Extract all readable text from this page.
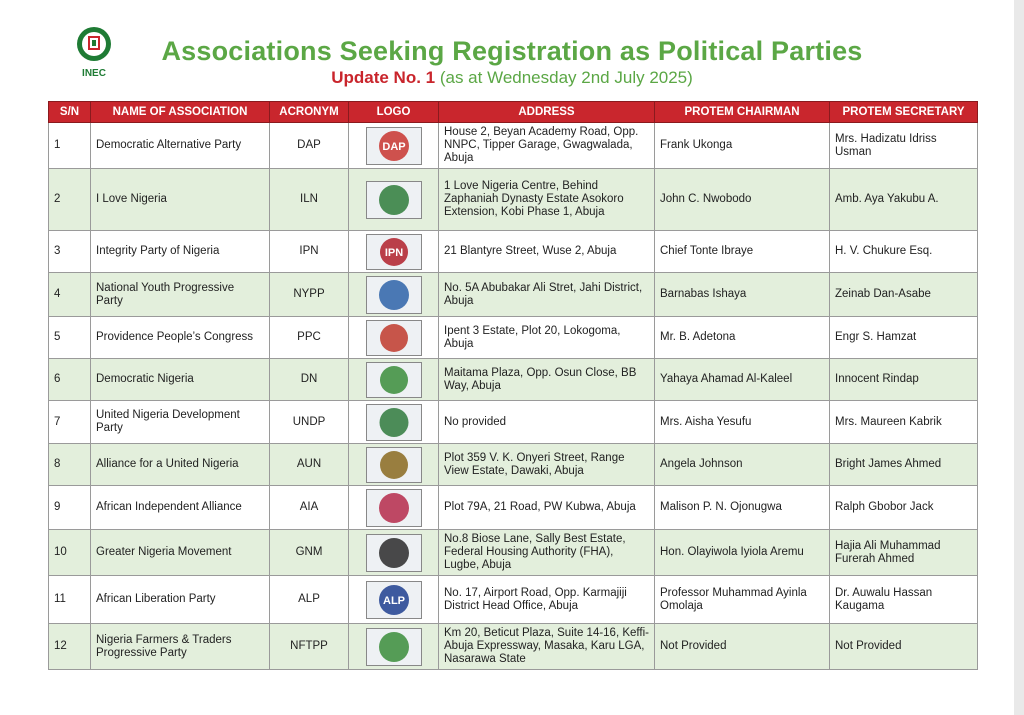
INEC
Associations Seeking Registration as Political Parties
Update No. 1 (as at Wednesday 2nd July 2025)
S/N	NAME OF ASSOCIATION	ACRONYM	LOGO	ADDRESS	PROTEM CHAIRMAN	PROTEM SECRETARY
1	Democratic Alternative Party	DAP	DAP	House 2, Beyan Academy Road, Opp. NNPC, Tipper Garage, Gwagwalada, Abuja	Frank Ukonga	Mrs. Hadizatu Idriss Usman
2	I Love Nigeria	ILN		1 Love Nigeria Centre, Behind Zaphaniah Dynasty Estate Asokoro Extension, Kobi Phase 1, Abuja	John C. Nwobodo	Amb. Aya Yakubu A.
3	Integrity Party of Nigeria	IPN	IPN	21 Blantyre Street, Wuse 2, Abuja	Chief Tonte Ibraye	H. V. Chukure Esq.
4	National Youth Progressive Party	NYPP		No. 5A Abubakar Ali Stret, Jahi District, Abuja	Barnabas Ishaya	Zeinab Dan-Asabe
5	Providence People’s Congress	PPC		Ipent 3 Estate, Plot 20, Lokogoma, Abuja	Mr. B. Adetona	Engr S. Hamzat
6	Democratic Nigeria	DN		Maitama Plaza, Opp. Osun Close, BB Way, Abuja	Yahaya Ahamad Al-Kaleel	Innocent Rindap
7	United Nigeria Development Party	UNDP		No provided	Mrs. Aisha Yesufu	Mrs. Maureen Kabrik
8	Alliance for a United Nigeria	AUN		Plot 359 V. K. Onyeri Street, Range View Estate, Dawaki, Abuja	Angela Johnson	Bright James Ahmed
9	African Independent Alliance	AIA		Plot 79A, 21 Road, PW Kubwa, Abuja	Malison P. N. Ojonugwa	Ralph Gbobor Jack
10	Greater Nigeria Movement	GNM		No.8 Biose Lane, Sally Best Estate, Federal Housing Authority (FHA), Lugbe, Abuja	Hon. Olayiwola Iyiola Aremu	Hajia Ali Muhammad Furerah Ahmed
11	African Liberation Party	ALP	ALP	No. 17, Airport Road, Opp. Karmajiji District Head Office, Abuja	Professor Muhammad Ayinla Omolaja	Dr. Auwalu Hassan Kaugama
12	Nigeria Farmers & Traders Progressive Party	NFTPP		Km 20, Beticut Plaza, Suite 14-16, Keffi-Abuja Expressway, Masaka, Karu LGA, Nasarawa State	Not Provided	Not Provided
